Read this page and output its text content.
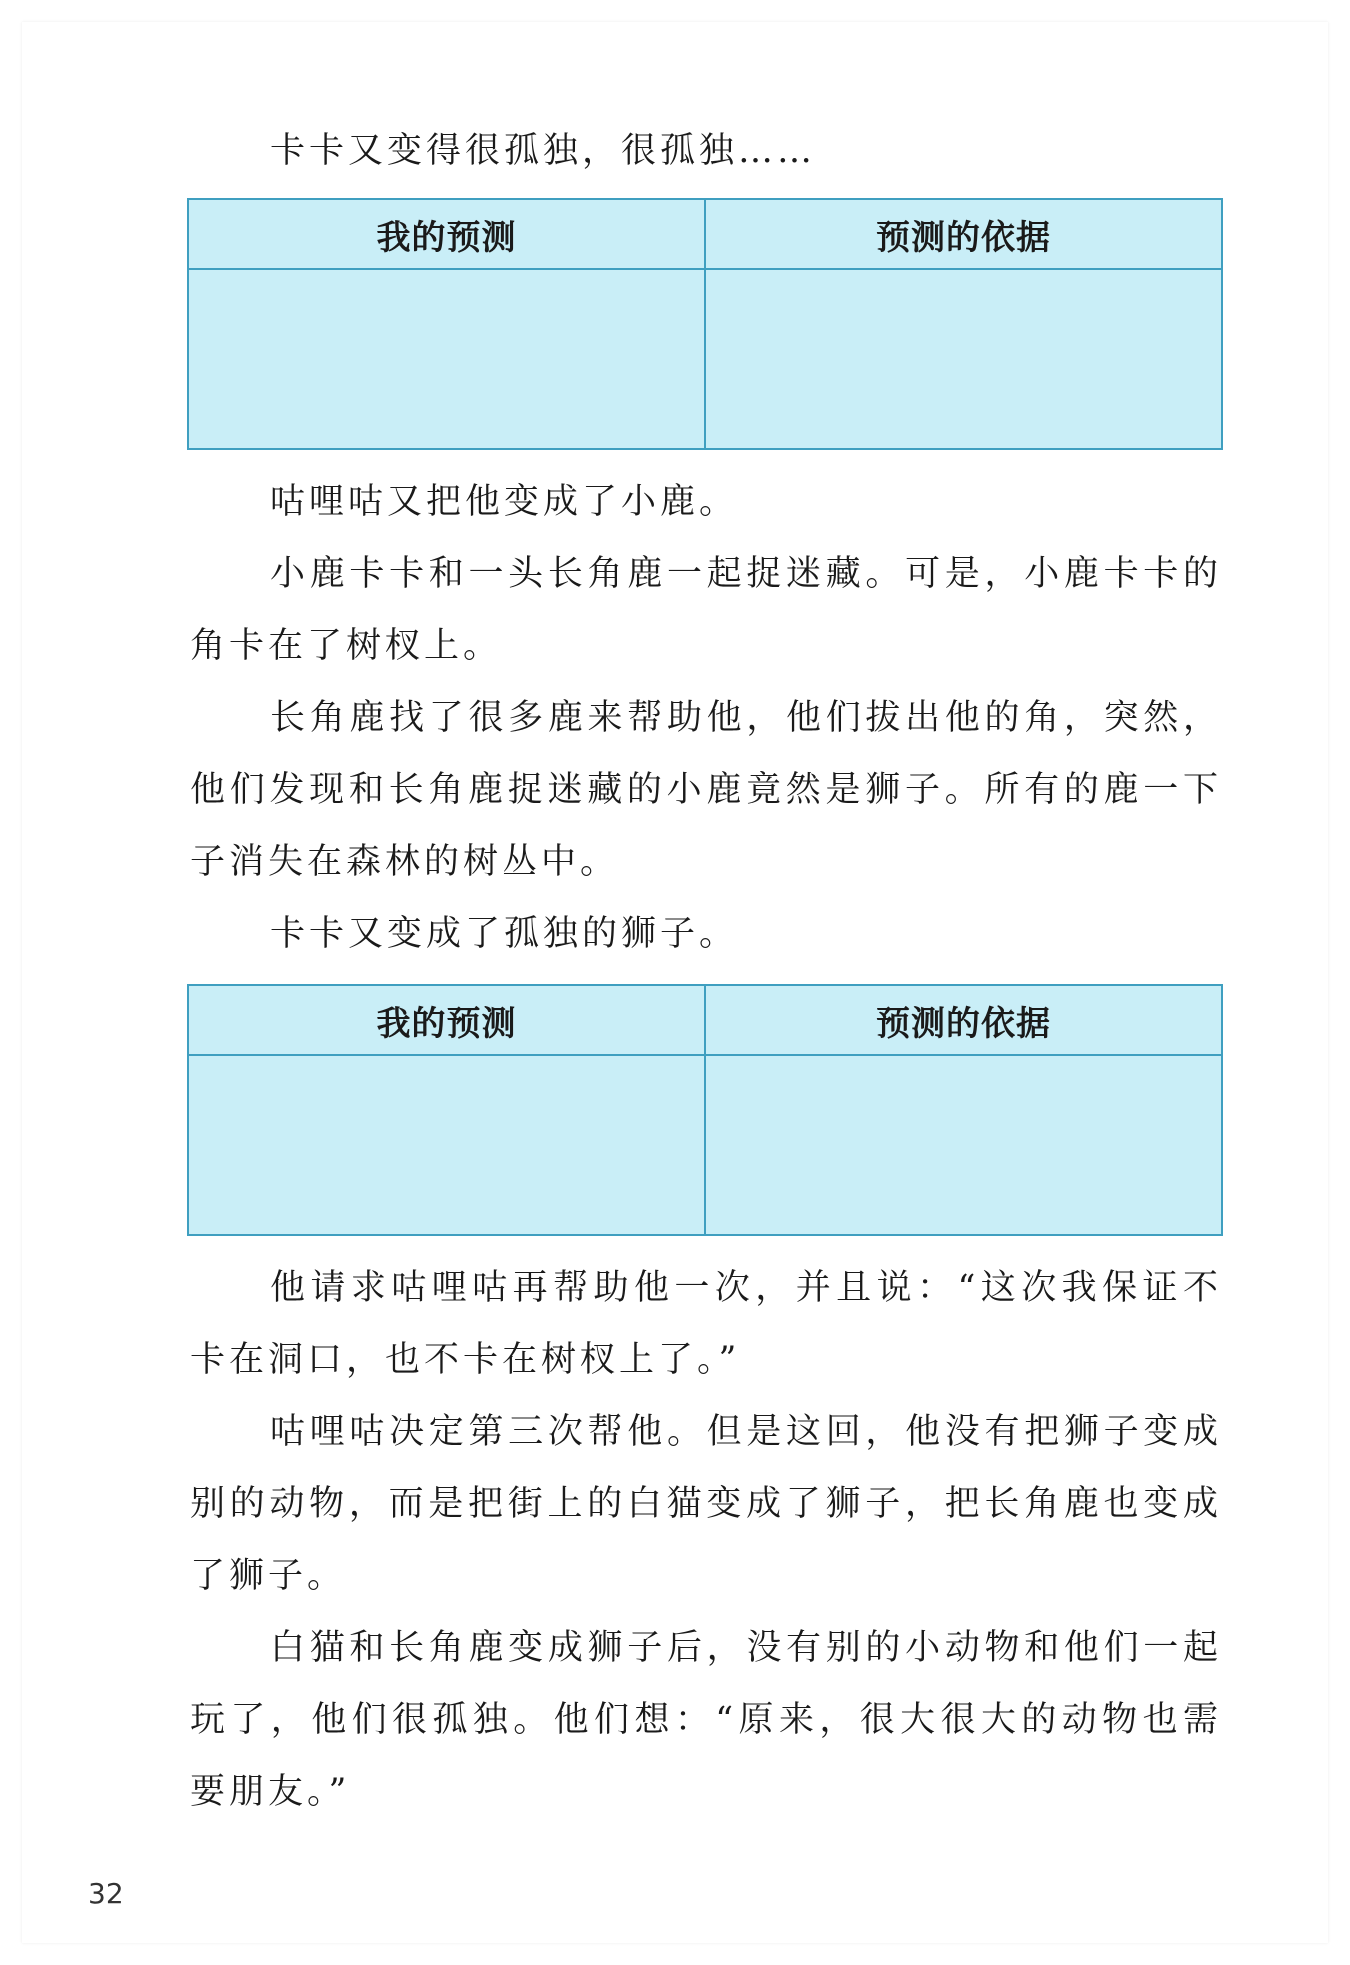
卡卡又变得很孤独，很孤独……

我的预测	预测的依据

咕哩咕又把他变成了小鹿。

小鹿卡卡和一头长角鹿一起捉迷藏。可是，小鹿卡卡的角卡在了树杈上。

长角鹿找了很多鹿来帮助他，他们拔出他的角，突然，他们发现和长角鹿捉迷藏的小鹿竟然是狮子。所有的鹿一下子消失在森林的树丛中。

卡卡又变成了孤独的狮子。

我的预测	预测的依据

他请求咕哩咕再帮助他一次，并且说：“这次我保证不卡在洞口，也不卡在树杈上了。”

咕哩咕决定第三次帮他。但是这回，他没有把狮子变成别的动物，而是把街上的白猫变成了狮子，把长角鹿也变成了狮子。

白猫和长角鹿变成狮子后，没有别的小动物和他们一起玩了，他们很孤独。他们想：“原来，很大很大的动物也需要朋友。”

32
